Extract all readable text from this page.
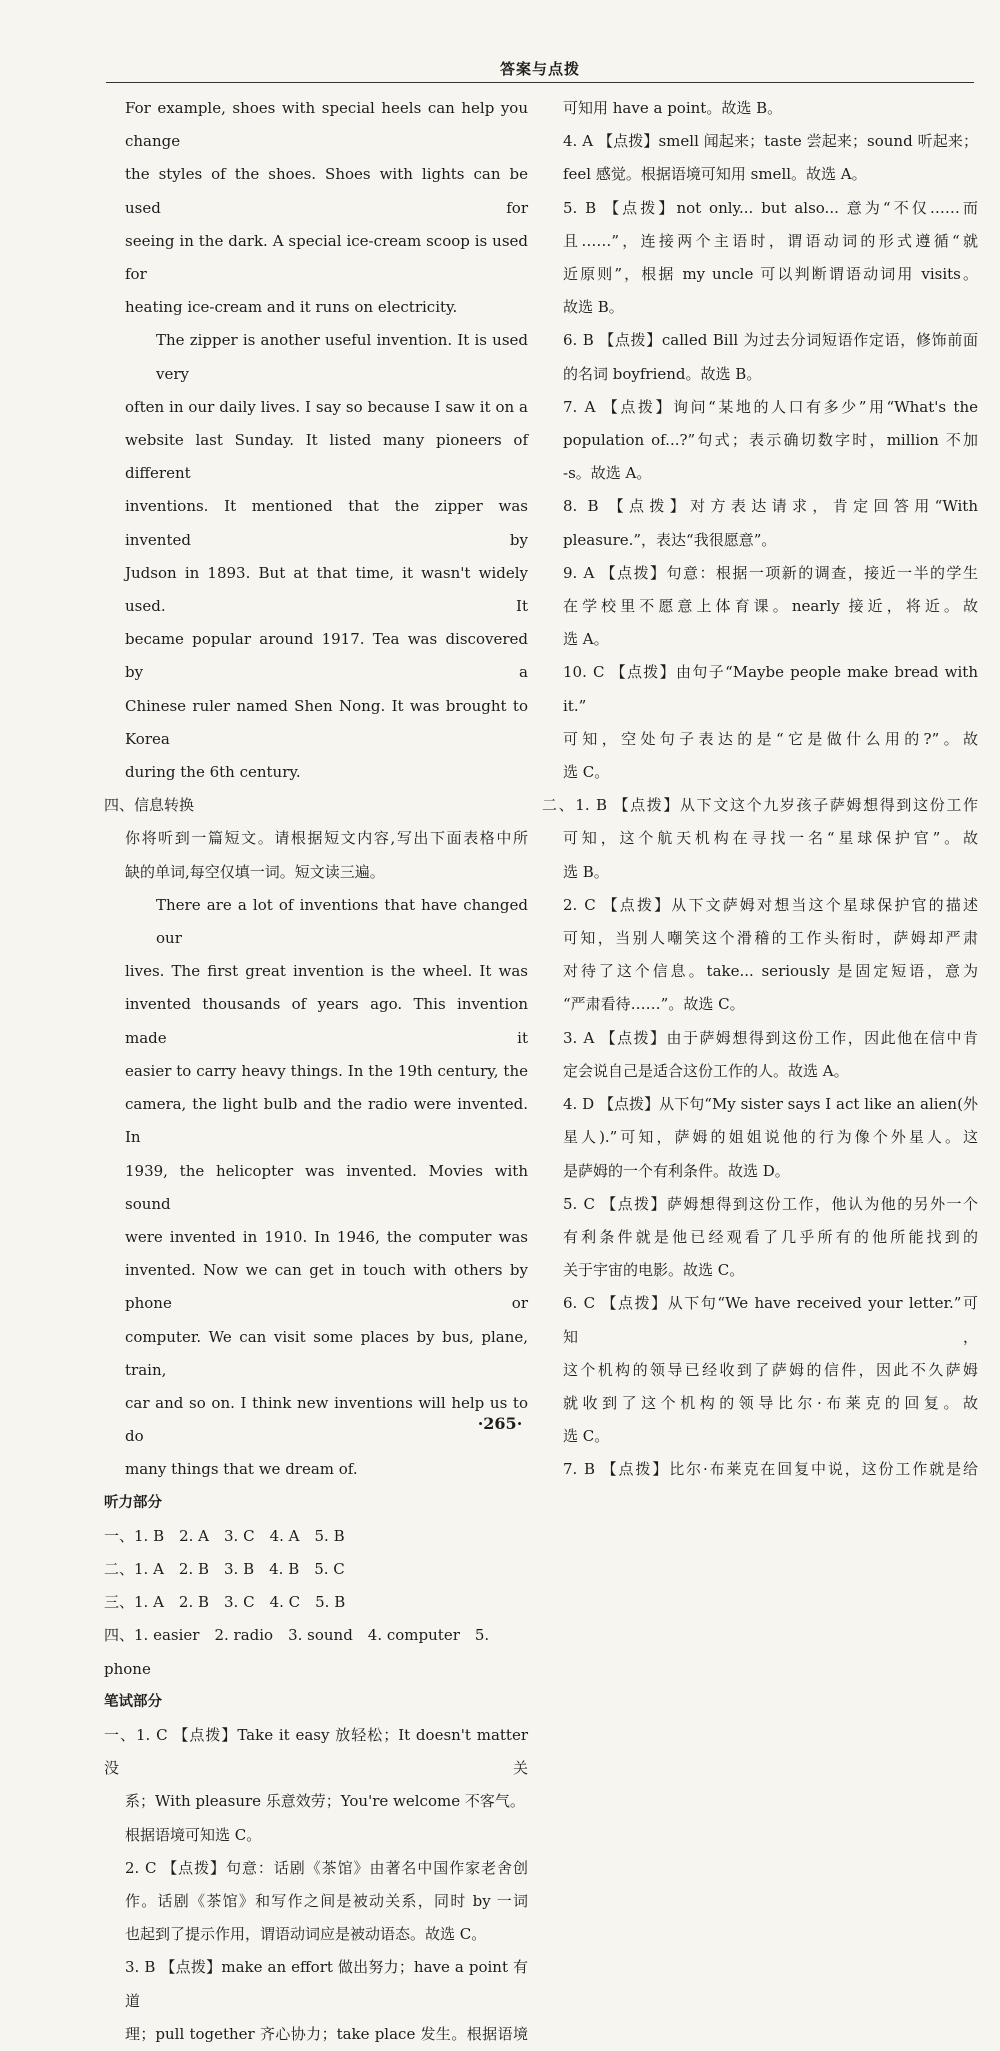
答案与点拨

For example, shoes with special heels can help you change

the styles of the shoes. Shoes with lights can be used for

seeing in the dark. A special ice-cream scoop is used for

heating ice-cream and it runs on electricity.

The zipper is another useful invention. It is used very

often in our daily lives. I say so because I saw it on a

website last Sunday. It listed many pioneers of different

inventions. It mentioned that the zipper was invented by

Judson in 1893. But at that time, it wasn't widely used. It

became popular around 1917. Tea was discovered by a

Chinese ruler named Shen Nong. It was brought to Korea

during the 6th century.

四、信息转换

你将听到一篇短文。请根据短文内容,写出下面表格中所

缺的单词,每空仅填一词。短文读三遍。

There are a lot of inventions that have changed our

lives. The first great invention is the wheel. It was

invented thousands of years ago. This invention made it

easier to carry heavy things. In the 19th century, the

camera, the light bulb and the radio were invented. In

1939, the helicopter was invented. Movies with sound

were invented in 1910. In 1946, the computer was

invented. Now we can get in touch with others by phone or

computer. We can visit some places by bus, plane, train,

car and so on. I think new inventions will help us to do

many things that we dream of.

听力部分

一、1. B　2. A　3. C　4. A　5. B

二、1. A　2. B　3. B　4. B　5. C

三、1. A　2. B　3. C　4. C　5. B

四、1. easier　2. radio　3. sound　4. computer　5. phone

笔试部分

一、1. C 【点拨】Take it easy 放轻松；It doesn't matter 没关

系；With pleasure 乐意效劳；You're welcome 不客气。

根据语境可知选 C。

2. C 【点拨】句意：话剧《茶馆》由著名中国作家老舍创

作。话剧《茶馆》和写作之间是被动关系，同时 by 一词

也起到了提示作用，谓语动词应是被动语态。故选 C。

3. B 【点拨】make an effort 做出努力；have a point 有道

理；pull together 齐心协力；take place 发生。根据语境

可知用 have a point。故选 B。

4. A 【点拨】smell 闻起来；taste 尝起来；sound 听起来；

feel 感觉。根据语境可知用 smell。故选 A。

5. B 【点拨】not only... but also... 意为“不仅……而

且……”，连接两个主语时，谓语动词的形式遵循“就

近原则”，根据 my uncle 可以判断谓语动词用 visits。

故选 B。

6. B 【点拨】called Bill 为过去分词短语作定语，修饰前面

的名词 boyfriend。故选 B。

7. A 【点拨】询问“某地的人口有多少”用“What's the

population of...?”句式；表示确切数字时，million 不加

-s。故选 A。

8. B 【点拨】对方表达请求，肯定回答用“With

pleasure.”，表达“我很愿意”。

9. A 【点拨】句意：根据一项新的调查，接近一半的学生

在学校里不愿意上体育课。nearly 接近，将近。故

选 A。

10. C 【点拨】由句子“Maybe people make bread with it.”

可知，空处句子表达的是“它是做什么用的?”。故

选 C。

二、1. B 【点拨】从下文这个九岁孩子萨姆想得到这份工作

可知，这个航天机构在寻找一名“星球保护官”。故

选 B。

2. C 【点拨】从下文萨姆对想当这个星球保护官的描述

可知，当别人嘲笑这个滑稽的工作头衔时，萨姆却严肃

对待了这个信息。take... seriously 是固定短语，意为

“严肃看待……”。故选 C。

3. A 【点拨】由于萨姆想得到这份工作，因此他在信中肯

定会说自己是适合这份工作的人。故选 A。

4. D 【点拨】从下句“My sister says I act like an alien(外

星人).”可知，萨姆的姐姐说他的行为像个外星人。这

是萨姆的一个有利条件。故选 D。

5. C 【点拨】萨姆想得到这份工作，他认为他的另外一个

有利条件就是他已经观看了几乎所有的他所能找到的

关于宇宙的电影。故选 C。

6. C 【点拨】从下句“We have received your letter.”可知，

这个机构的领导已经收到了萨姆的信件，因此不久萨姆

就收到了这个机构的领导比尔·布莱克的回复。故

选 C。

7. B 【点拨】比尔·布莱克在回复中说，这份工作就是给

·265·
